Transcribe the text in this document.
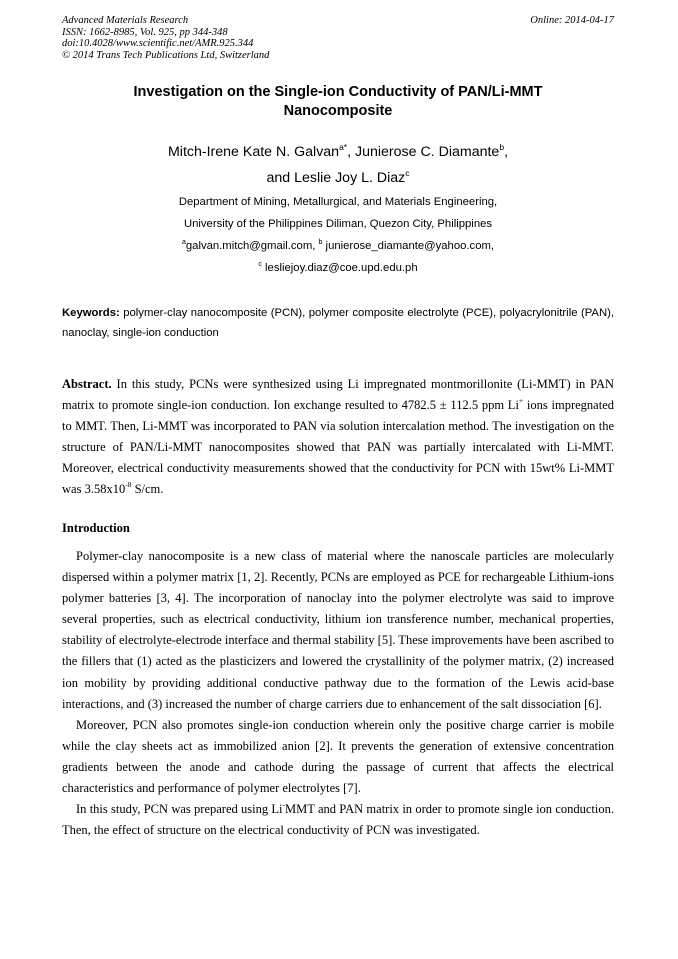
Advanced Materials Research
ISSN: 1662-8985, Vol. 925, pp 344-348
doi:10.4028/www.scientific.net/AMR.925.344
© 2014 Trans Tech Publications Ltd, Switzerland
Online: 2014-04-17
Investigation on the Single-ion Conductivity of PAN/Li-MMT
Nanocomposite
Mitch-Irene Kate N. Galvan$^{a*}$, Junierose C. Diamante$^b$,
and Leslie Joy L. Diaz$^c$
Department of Mining, Metallurgical, and Materials Engineering,
University of the Philippines Diliman, Quezon City, Philippines
$^a$galvan.mitch@gmail.com, $^b$ junierose_diamante@yahoo.com,
$^c$ lesliejoy.diaz@coe.upd.edu.ph
Keywords: polymer-clay nanocomposite (PCN), polymer composite electrolyte (PCE), polyacrylonitrile (PAN), nanoclay, single-ion conduction
Abstract. In this study, PCNs were synthesized using Li impregnated montmorillonite (Li-MMT) in PAN matrix to promote single-ion conduction. Ion exchange resulted to 4782.5 ± 112.5 ppm Li+ ions impregnated to MMT. Then, Li-MMT was incorporated to PAN via solution intercalation method. The investigation on the structure of PAN/Li-MMT nanocomposites showed that PAN was partially intercalated with Li-MMT. Moreover, electrical conductivity measurements showed that the conductivity for PCN with 15wt% Li-MMT was $3.58x10^{-8}$ S/cm.
Introduction

Polymer-clay nanocomposite is a new class of material where the nanoscale particles are molecularly dispersed within a polymer matrix [1, 2]. Recently, PCNs are employed as PCE for rechargeable Lithium-ions polymer batteries [3, 4]. The incorporation of nanoclay into the polymer electrolyte was said to improve several properties, such as electrical conductivity, lithium ion transference number, mechanical properties, stability of electrolyte-electrode interface and thermal stability [5]. These improvements have been ascribed to the fillers that (1) acted as the plasticizers and lowered the crystallinity of the polymer matrix, (2) increased ion mobility by providing additional conductive pathway due to the formation of the Lewis acid-base interactions, and (3) increased the number of charge carriers due to enhancement of the salt dissociation [6].

Moreover, PCN also promotes single-ion conduction wherein only the positive charge carrier is mobile while the clay sheets act as immobilized anion [2]. It prevents the generation of extensive concentration gradients between the anode and cathode during the passage of current that affects the electrical characteristics and performance of polymer electrolytes [7].

In this study, PCN was prepared using Li-MMT and PAN matrix in order to promote single ion conduction. Then, the effect of structure on the electrical conductivity of PCN was investigated.
